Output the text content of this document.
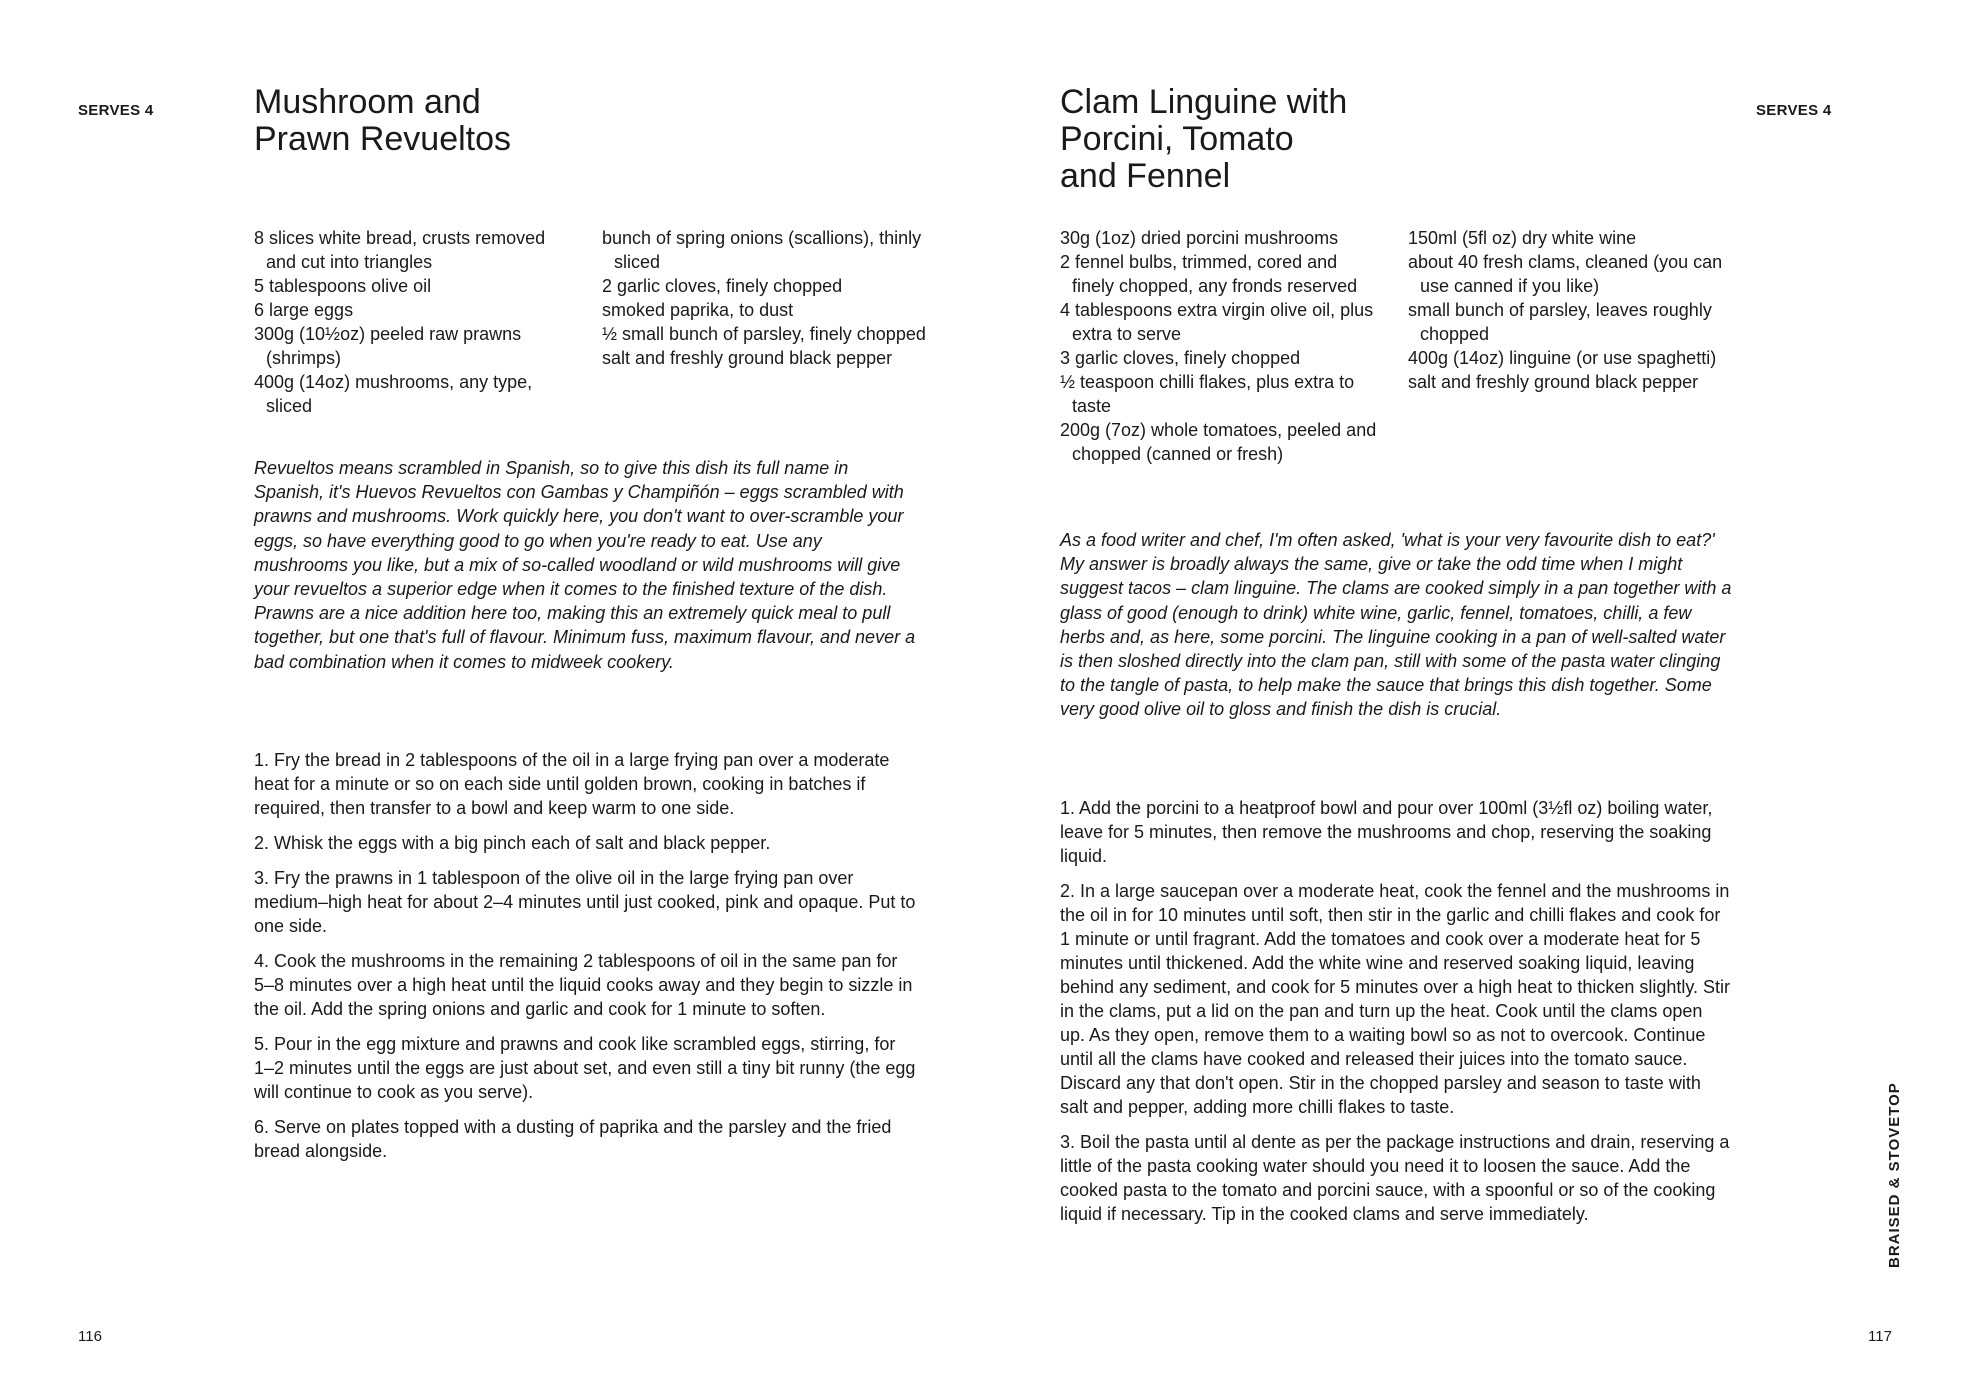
SERVES 4	Mushroom and
Prawn Revueltos
8 slices white bread, crusts removed and cut into triangles
5 tablespoons olive oil
6 large eggs
300g (10½oz) peeled raw prawns (shrimps)
400g (14oz) mushrooms, any type, sliced
bunch of spring onions (scallions), thinly sliced
2 garlic cloves, finely chopped
smoked paprika, to dust
½ small bunch of parsley, finely chopped
salt and freshly ground black pepper

Revueltos means scrambled in Spanish, so to give this dish its full name in Spanish, it's Huevos Revueltos con Gambas y Champiñón – eggs scrambled with prawns and mushrooms. Work quickly here, you don't want to over-scramble your eggs, so have everything good to go when you're ready to eat. Use any mushrooms you like, but a mix of so-called woodland or wild mushrooms will give your revueltos a superior edge when it comes to the finished texture of the dish. Prawns are a nice addition here too, making this an extremely quick meal to pull together, but one that's full of flavour. Minimum fuss, maximum flavour, and never a bad combination when it comes to midweek cookery.

1. Fry the bread in 2 tablespoons of the oil in a large frying pan over a moderate heat for a minute or so on each side until golden brown, cooking in batches if required, then transfer to a bowl and keep warm to one side.
2. Whisk the eggs with a big pinch each of salt and black pepper.
3. Fry the prawns in 1 tablespoon of the olive oil in the large frying pan over medium–high heat for about 2–4 minutes until just cooked, pink and opaque. Put to one side.
4. Cook the mushrooms in the remaining 2 tablespoons of oil in the same pan for 5–8 minutes over a high heat until the liquid cooks away and they begin to sizzle in the oil. Add the spring onions and garlic and cook for 1 minute to soften.
5. Pour in the egg mixture and prawns and cook like scrambled eggs, stirring, for 1–2 minutes until the eggs are just about set, and even still a tiny bit runny (the egg will continue to cook as you serve).
6. Serve on plates topped with a dusting of paprika and the parsley and the fried bread alongside.
116
Clam Linguine with
Porcini, Tomato
and Fennel
SERVES 4
30g (1oz) dried porcini mushrooms
2 fennel bulbs, trimmed, cored and finely chopped, any fronds reserved
4 tablespoons extra virgin olive oil, plus extra to serve
3 garlic cloves, finely chopped
½ teaspoon chilli flakes, plus extra to taste
200g (7oz) whole tomatoes, peeled and chopped (canned or fresh)
150ml (5fl oz) dry white wine
about 40 fresh clams, cleaned (you can use canned if you like)
small bunch of parsley, leaves roughly chopped
400g (14oz) linguine (or use spaghetti)
salt and freshly ground black pepper

As a food writer and chef, I'm often asked, 'what is your very favourite dish to eat?' My answer is broadly always the same, give or take the odd time when I might suggest tacos – clam linguine. The clams are cooked simply in a pan together with a glass of good (enough to drink) white wine, garlic, fennel, tomatoes, chilli, a few herbs and, as here, some porcini. The linguine cooking in a pan of well-salted water is then sloshed directly into the clam pan, still with some of the pasta water clinging to the tangle of pasta, to help make the sauce that brings this dish together. Some very good olive oil to gloss and finish the dish is crucial.

1. Add the porcini to a heatproof bowl and pour over 100ml (3½fl oz) boiling water, leave for 5 minutes, then remove the mushrooms and chop, reserving the soaking liquid.
2. In a large saucepan over a moderate heat, cook the fennel and the mushrooms in the oil in for 10 minutes until soft, then stir in the garlic and chilli flakes and cook for 1 minute or until fragrant. Add the tomatoes and cook over a moderate heat for 5 minutes until thickened. Add the white wine and reserved soaking liquid, leaving behind any sediment, and cook for 5 minutes over a high heat to thicken slightly. Stir in the clams, put a lid on the pan and turn up the heat. Cook until the clams open up. As they open, remove them to a waiting bowl so as not to overcook. Continue until all the clams have cooked and released their juices into the tomato sauce. Discard any that don't open. Stir in the chopped parsley and season to taste with salt and pepper, adding more chilli flakes to taste.
3. Boil the pasta until al dente as per the package instructions and drain, reserving a little of the pasta cooking water should you need it to loosen the sauce. Add the cooked pasta to the tomato and porcini sauce, with a spoonful or so of the cooking liquid if necessary. Tip in the cooked clams and serve immediately.	BRAISED & STOVETOP
117
